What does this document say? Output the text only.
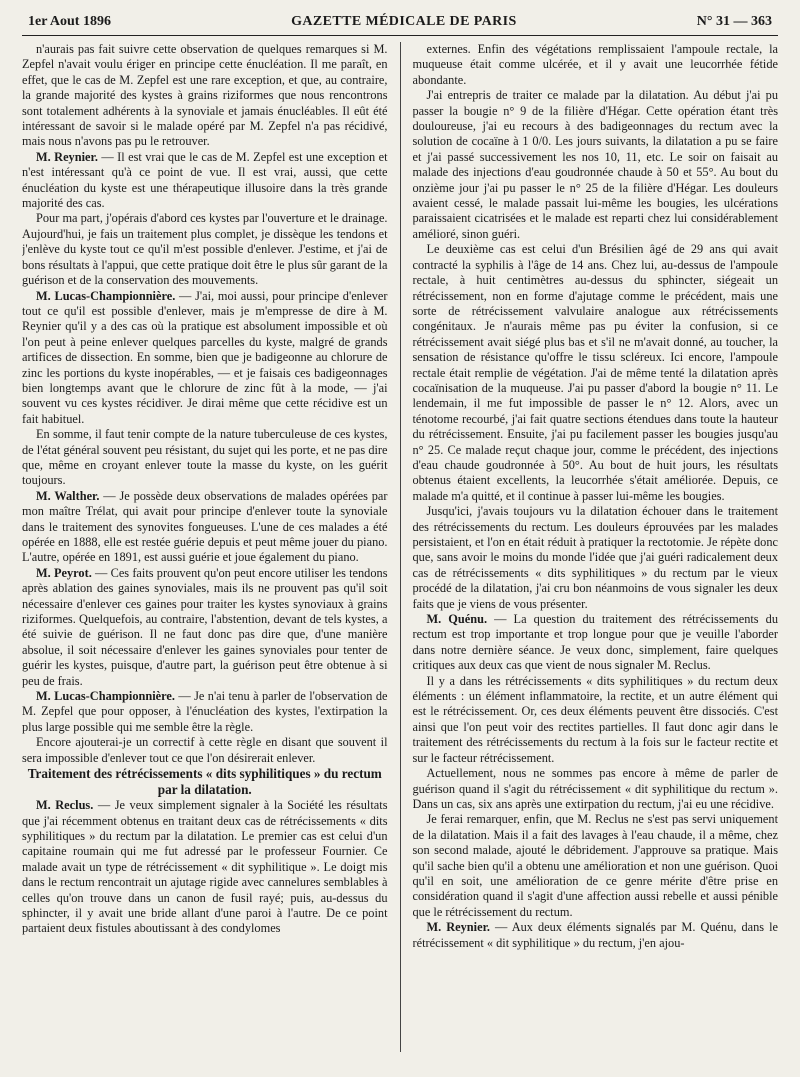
1er Aout 1896	GAZETTE MÉDICALE DE PARIS	N° 31 — 363

n'aurais pas fait suivre cette observation de quelques remarques si M. Zepfel n'avait voulu ériger en principe cette énucléation. Il me paraît, en effet, que le cas de M. Zepfel est une rare exception, et que, au contraire, la grande majorité des kystes à grains riziformes que nous rencontrons sont totalement adhérents à la synoviale et jamais énucléables. Il eût été intéressant de savoir si le malade opéré par M. Zepfel n'a pas récidivé, mais nous n'avons pas pu le retrouver.

M. Reynier. — Il est vrai que le cas de M. Zepfel est une exception et n'est intéressant qu'à ce point de vue. Il est vrai, aussi, que cette énucléation du kyste est une thérapeutique illusoire dans la très grande majorité des cas.

Pour ma part, j'opérais d'abord ces kystes par l'ouverture et le drainage. Aujourd'hui, je fais un traitement plus complet, je dissèque les tendons et j'enlève du kyste tout ce qu'il m'est possible d'enlever. J'estime, et j'ai de bons résultats à l'appui, que cette pratique doit être le plus sûr garant de la guérison et de la conservation des mouvements.

M. Lucas-Championnière. — J'ai, moi aussi, pour principe d'enlever tout ce qu'il est possible d'enlever, mais je m'empresse de dire à M. Reynier qu'il y a des cas où la pratique est absolument impossible et où l'on peut à peine enlever quelques parcelles du kyste, malgré de grands artifices de dissection. En somme, bien que je badigeonne au chlorure de zinc les portions du kyste inopérables, — et je faisais ces badigeonnages bien longtemps avant que le chlorure de zinc fût à la mode, — j'ai souvent vu ces kystes récidiver. Je dirai même que cette récidive est un fait habituel.

En somme, il faut tenir compte de la nature tuberculeuse de ces kystes, de l'état général souvent peu résistant, du sujet qui les porte, et ne pas dire que, même en croyant enlever toute la masse du kyste, on les guérit toujours.

M. Walther. — Je possède deux observations de malades opérées par mon maître Trélat, qui avait pour principe d'enlever toute la synoviale dans le traitement des synovites fongueuses. L'une de ces malades a été opérée en 1888, elle est restée guérie depuis et peut même jouer du piano. L'autre, opérée en 1891, est aussi guérie et joue également du piano.

M. Peyrot. — Ces faits prouvent qu'on peut encore utiliser les tendons après ablation des gaines synoviales, mais ils ne prouvent pas qu'il soit nécessaire d'enlever ces gaines pour traiter les kystes synoviaux à grains riziformes. Quelquefois, au contraire, l'abstention, devant de tels kystes, a été suivie de guérison. Il ne faut donc pas dire que, d'une manière absolue, il soit nécessaire d'enlever les gaines synoviales pour tenter de guérir les kystes, puisque, d'autre part, la guérison peut être obtenue à si peu de frais.

M. Lucas-Championnière. — Je n'ai tenu à parler de l'observation de M. Zepfel que pour opposer, à l'énucléation des kystes, l'extirpation la plus large possible qui me semble être la règle.

Encore ajouterai-je un correctif à cette règle en disant que souvent il sera impossible d'enlever tout ce que l'on désirerait enlever.

Traitement des rétrécissements « dits syphilitiques » du rectum par la dilatation.

M. Reclus. — Je veux simplement signaler à la Société les résultats que j'ai récemment obtenus en traitant deux cas de rétrécissements « dits syphilitiques » du rectum par la dilatation. Le premier cas est celui d'un capitaine roumain qui me fut adressé par le professeur Fournier. Ce malade avait un type de rétrécissement « dit syphilitique ». Le doigt mis dans le rectum rencontrait un ajutage rigide avec cannelures semblables à celles qu'on trouve dans un canon de fusil rayé; puis, au-dessus du sphincter, il y avait une bride allant d'une paroi à l'autre. De ce point partaient deux fistules aboutissant à des condylomes

externes. Enfin des végétations remplissaient l'ampoule rectale, la muqueuse était comme ulcérée, et il y avait une leucorrhée fétide abondante.

J'ai entrepris de traiter ce malade par la dilatation. Au début j'ai pu passer la bougie n° 9 de la filière d'Hégar. Cette opération étant très douloureuse, j'ai eu recours à des badigeonnages du rectum avec la solution de cocaïne à 1 0/0. Les jours suivants, la dilatation a pu se faire et j'ai passé successivement les nos 10, 11, etc. Le soir on faisait au malade des injections d'eau goudronnée chaude à 50 et 55°. Au bout du onzième jour j'ai pu passer le n° 25 de la filière d'Hégar. Les douleurs avaient cessé, le malade passait lui-même les bougies, les ulcérations paraissaient cicatrisées et le malade est reparti chez lui considérablement amélioré, sinon guéri.

Le deuxième cas est celui d'un Brésilien âgé de 29 ans qui avait contracté la syphilis à l'âge de 14 ans. Chez lui, au-dessus de l'ampoule rectale, à huit centimètres au-dessus du sphincter, siégeait un rétrécissement, non en forme d'ajutage comme le précédent, mais une sorte de rétrécissement valvulaire analogue aux rétrécissements congénitaux. Je n'aurais même pas pu éviter la confusion, si ce rétrécissement avait siégé plus bas et s'il ne m'avait donné, au toucher, la sensation de résistance qu'offre le tissu scléreux. Ici encore, l'ampoule rectale était remplie de végétation. J'ai de même tenté la dilatation après cocaïnisation de la muqueuse. J'ai pu passer d'abord la bougie n° 11. Le lendemain, il me fut impossible de passer le n° 12. Alors, avec un ténotome recourbé, j'ai fait quatre sections étendues dans toute la hauteur du rétrécissement. Ensuite, j'ai pu facilement passer les bougies jusqu'au n° 25. Ce malade reçut chaque jour, comme le précédent, des injections d'eau chaude goudronnée à 50°. Au bout de huit jours, les résultats obtenus étaient excellents, la leucorrhée s'était améliorée. Depuis, ce malade m'a quitté, et il continue à passer lui-même les bougies.

Jusqu'ici, j'avais toujours vu la dilatation échouer dans le traitement des rétrécissements du rectum. Les douleurs éprouvées par les malades persistaient, et l'on en était réduit à pratiquer la rectotomie. Je répète donc que, sans avoir le moins du monde l'idée que j'ai guéri radicalement deux cas de rétrécissements « dits syphilitiques » du rectum par le vieux procédé de la dilatation, j'ai cru bon néanmoins de vous signaler les deux faits que je viens de vous présenter.

M. Quénu. — La question du traitement des rétrécissements du rectum est trop importante et trop longue pour que je veuille l'aborder dans notre dernière séance. Je veux donc, simplement, faire quelques critiques aux deux cas que vient de nous signaler M. Reclus.

Il y a dans les rétrécissements « dits syphilitiques » du rectum deux éléments : un élément inflammatoire, la rectite, et un autre élément qui est le rétrécissement. Or, ces deux éléments peuvent être dissociés. C'est ainsi que l'on peut voir des rectites partielles. Il faut donc agir dans le traitement des rétrécissements du rectum à la fois sur le facteur rectite et sur le facteur rétrécissement.

Actuellement, nous ne sommes pas encore à même de parler de guérison quand il s'agit du rétrécissement « dit syphilitique du rectum ». Dans un cas, six ans après une extirpation du rectum, j'ai eu une récidive.

Je ferai remarquer, enfin, que M. Reclus ne s'est pas servi uniquement de la dilatation. Mais il a fait des lavages à l'eau chaude, il a même, chez son second malade, ajouté le débridement. J'approuve sa pratique. Mais qu'il sache bien qu'il a obtenu une amélioration et non une guérison. Quoi qu'il en soit, une amélioration de ce genre mérite d'être prise en considération quand il s'agit d'une affection aussi rebelle et aussi pénible que le rétrécissement du rectum.

M. Reynier. — Aux deux éléments signalés par M. Quénu, dans le rétrécissement « dit syphilitique » du rectum, j'en ajou-
